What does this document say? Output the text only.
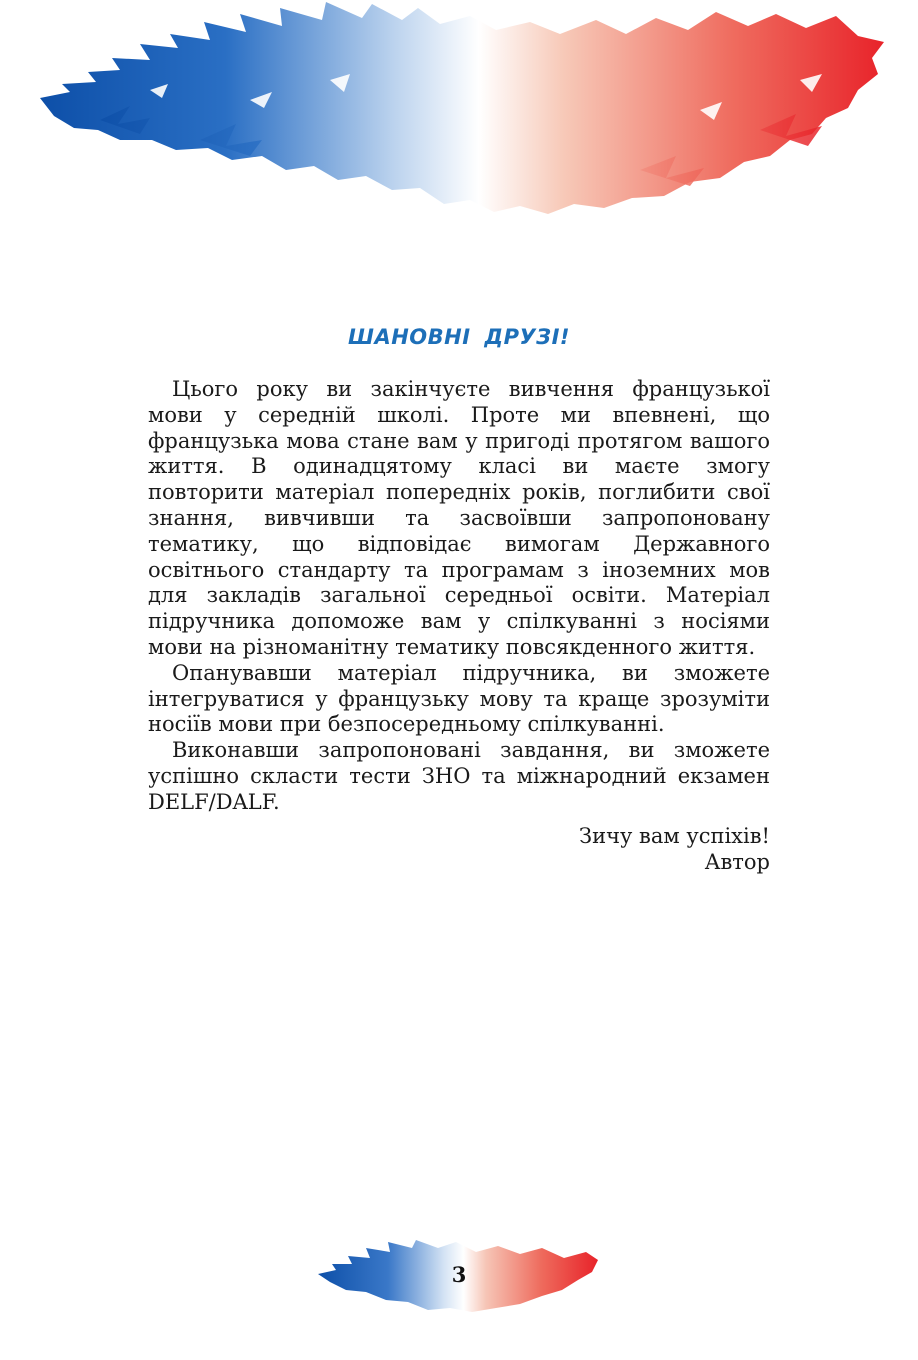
ШАНОВНІ ДРУЗІ!

Цього року ви закінчуєте вивчення французької мови у середній школі. Проте ми впевнені, що французька мова стане вам у пригоді протягом вашого життя. В одинадцятому класі ви маєте змогу повторити матеріал попередніх років, поглибити свої знання, вивчивши та засвоївши запропоновану тематику, що відповідає вимогам Державного освітнього стандарту та програмам з іноземних мов для закладів загальної середньої освіти. Матеріал підручника допоможе вам у спілкуванні з носіями мови на різноманітну тематику повсякденного життя.

Опанувавши матеріал підручника, ви зможете інтегруватися у французьку мову та краще зрозуміти носіїв мови при безпосередньому спілкуванні.

Виконавши запропоновані завдання, ви зможете успішно скласти тести ЗНО та міжнародний екзамен DELF/DALF.

Зичу вам успіхів!
Автор
3
